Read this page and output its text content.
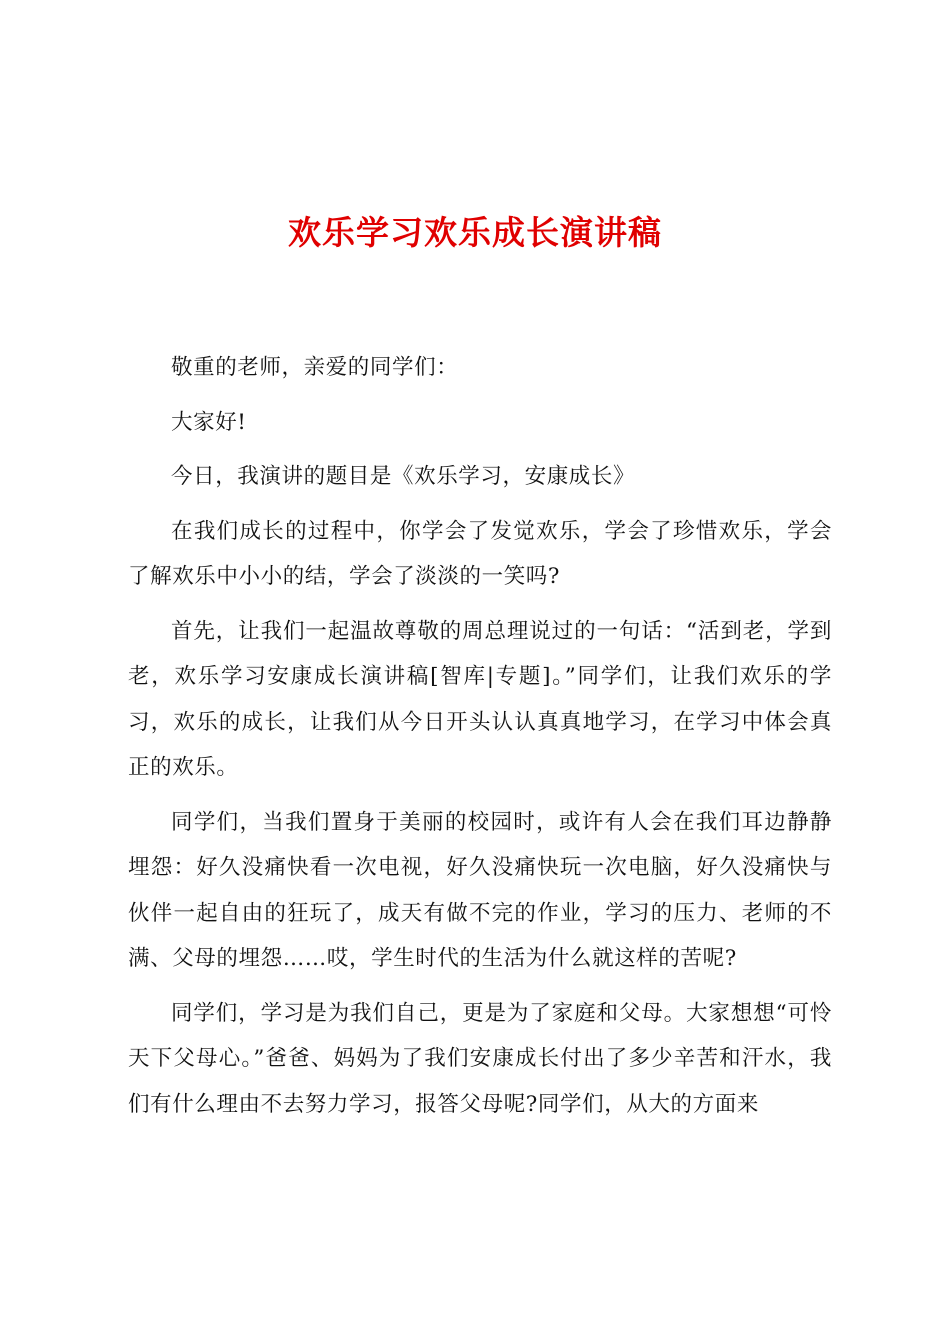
欢乐学习欢乐成长演讲稿

敬重的老师，亲爱的同学们：

大家好!

今日，我演讲的题目是《欢乐学习，安康成长》

在我们成长的过程中，你学会了发觉欢乐，学会了珍惜欢乐，学会了解欢乐中小小的结，学会了淡淡的一笑吗?

首先，让我们一起温故尊敬的周总理说过的一句话：“活到老，学到老，欢乐学习安康成长演讲稿[智库|专题]。”同学们，让我们欢乐的学习，欢乐的成长，让我们从今日开头认认真真地学习，在学习中体会真正的欢乐。

同学们，当我们置身于美丽的校园时，或许有人会在我们耳边静静埋怨：好久没痛快看一次电视，好久没痛快玩一次电脑，好久没痛快与伙伴一起自由的狂玩了，成天有做不完的作业，学习的压力、老师的不满、父母的埋怨……哎，学生时代的生活为什么就这样的苦呢?

同学们，学习是为我们自己，更是为了家庭和父母。大家想想“可怜天下父母心。”爸爸、妈妈为了我们安康成长付出了多少辛苦和汗水，我们有什么理由不去努力学习，报答父母呢?同学们，从大的方面来
